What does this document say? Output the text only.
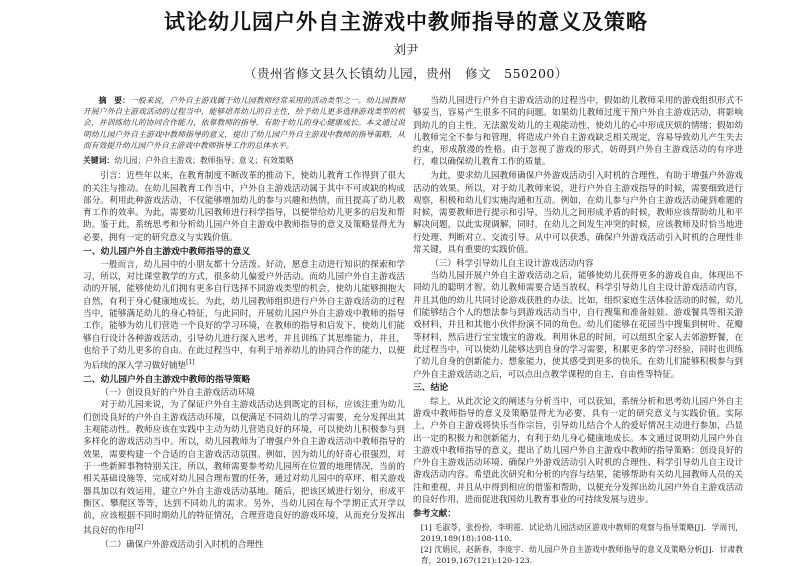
试论幼儿园户外自主游戏中教师指导的意义及策略
刘尹
（贵州省修文县久长镇幼儿园，贵州　修文　550200）

摘　要：一般来说，户外自主游戏属于幼儿园教师经常采用的活动类型之一。幼儿园教师开展户外自主游戏活动的过程当中，能够培养幼儿的自主性，给予幼儿更多选择游戏类型的机会，并训练幼儿的协同合作能力，依靠教师的指导，有助于幼儿的身心健康成长。本文通过说明幼儿园户外自主游戏中教师指导的意义，提出了幼儿园户外自主游戏中教师的指导策略，从而有效提升幼儿园户外自主游戏中教师指导工作的总体水平。

关键词：幼儿园；户外自主游戏；教师指导；意义；有效策略

引言：近些年以来，在教育制度不断改革的推动下，使幼儿教育工作得到了很大的关注与推动。在幼儿园教育工作当中，户外自主游戏活动属于其中不可或缺的构成部分。利用此种游戏活动，不仅能够增加幼儿的参与兴趣和热情，而且提高了幼儿教育工作的效率。为此，需要幼儿园教师进行科学指导，以便带给幼儿更多的启发和帮助。鉴于此，系统思考和分析幼儿园户外自主游戏中教师指导的意义及策略显得尤为必要，拥有一定的研究意义与实践价值。

一、幼儿园户外自主游戏中教师指导的意义

一般而言，幼儿园中的小朋友都十分活泼、好动，愿意主动进行知识的探索和学习，所以，对比课堂教学的方式，很多幼儿偏爱户外活动。而幼儿园户外自主游戏活动的开展，能够使幼儿们拥有更多自行选择不同游戏类型的机会，使幼儿能够拥抱大自然，有利于身心健康地成长。为此，幼儿园教师组织进行户外自主游戏活动的过程当中，能够满足幼儿的身心特征，与此同时，开展幼儿园户外自主游戏中教师的指导工作，能够为幼儿们营造一个良好的学习环境，在教师的指导和启发下，使幼儿们能够自行设计各种游戏活动，引导幼儿进行深入思考，并且训练了其思维能力，并且，也给予了幼儿更多的自由。在此过程当中，有利于培养幼儿的协同合作的能力，以便为后续的深入学习做好铺垫[1]

二、幼儿园户外自主游戏中教师的指导策略

（一）创设良好的户外自主游戏活动环境

对于幼儿园来说，为了保证户外自主游戏活动达到既定的目标，应该注重为幼儿们创设良好的户外自主游戏活动环境，以便满足不同幼儿的学习需要，充分发挥出其主观能动性。教师应该在实践中主动为幼儿营造良好的环境，可以使幼儿积极参与到多样化的游戏活动当中。所以，幼儿园教师为了增强户外自主游戏活动中教师指导的效果，需要构建一个合适的自主游戏活动氛围。例如，因为幼儿的好奇心很强烈，对于一些新鲜事物特别关注，所以，教师需要参考幼儿园所在位置的地理情况，当前的相关基础设施等，完成对幼儿园合理布置的任务，通过对幼儿园中的草坪、相关游戏器具加以有效运用，建立户外自主游戏活动基地。随后，把该区域进行划分，形成平衡区、攀爬区等等，达到不同幼儿的需求。另外，当幼儿园在每个学期正式开学以前，应该根据不同时期幼儿的特征情况，合理营造良好的游戏环境，从而充分发挥出其良好的作用[2]

（二）确保户外游戏活动引入时机的合理性

当幼儿园进行户外自主游戏活动的过程当中，假如幼儿教师采用的游戏组织形式不够妥当，容易产生很多不同的问题。如果幼儿教师过度干预户外自主游戏活动，将影响到幼儿的自主性，无法激发幼儿的主观能动性，使幼儿的心中形成厌烦的情绪；假如幼儿教师完全不参与和管理，将造成户外自主游戏缺乏相关规定，容易导致幼儿产生失去约束，形成散漫的性格。由于忽视了游戏的形式，妨碍到户外自主游戏活动的有序进行，难以确保幼儿教育工作的质量。

为此，要求幼儿园教师确保户外游戏活动引入时机的合理性，有助于增强户外游戏活动的效果。所以，对于幼儿教师来说，进行户外自主游戏指导的时候，需要细致进行观察，积极和幼儿们实施沟通和互动。例如，在幼儿参与户外自主游戏活动碰到难题的时候，需要教师进行提示和引导，当幼儿之间形成矛盾的时候，教师应该帮助幼儿和平解决问题，以此实现调解，同时，在幼儿之间发生冲突的时候，应该教师及时恰当地进行处理、判断对立、交流引导。从中可以获悉，确保户外游戏活动引入时机的合理性非常关键，具有重要的实践价值。

（三）科学引导幼儿自主设计游戏活动内容

当幼儿园开展户外自主游戏活动之后，能够使幼儿获得更多的游戏自由，体现出不同幼儿的聪明才智。幼儿教师需要合适当放权，科学引导幼儿自主设计游戏活动内容，并且其他的幼儿共同讨论游戏获胜的办法。比如，组织家庭生活体验活动的时候，幼儿们能够结合个人的想法参与到游戏活动当中，自行搜集和准备娃娃、游戏餐具等相关游戏材料，并且和其他小伙伴扮演不同的角色。幼儿们能够在花园当中搜集到树叶、花瓣等材料，然后进行宝宝饿宝的游戏。利用休息的时间，可以组织全家人去郊游野餐，在此过程当中，可以使幼儿能够达到自身的学习需要，积累更多的学习经验，同时也训练了幼儿自身的创新能力、想象能力，使其感受到更多的快乐。在幼儿们能够积极参与到户外自主游戏活动之后，可以点出点教学课程的自主、自由性等特征。

三、结论

综上，从此次论文的阐述与分析当中，可以获知，系统分析和思考幼儿园户外自主游戏中教师指导的意义及策略显得尤为必要，具有一定的研究意义与实践价值。实际上，户外自主游戏将快乐当作宗旨，引导幼儿结合个人的爱好情况主动进行参加，凸显出一定的积极力和创新能力，有利于幼儿身心健康地成长。本文通过说明幼儿园户外自主游戏中教师指导的意义，提出了幼儿园户外自主游戏中教师的指导策略：创设良好的户外自主游戏活动环境、确保户外游戏活动引入时机的合理性、科学引导幼儿自主设计游戏活动内容。希望此次研究和分析的内容与结果，能够帮助有关幼儿园教师人员的关注和重视，并且从中得到相应的借鉴和帮助，以便充分发挥出幼儿园户外自主游戏活动的良好作用，进而促进我国幼儿教育事业的可持续发展与进步。

参考文献：

[1] 毛淑苓，张扮扮，李明霓．试论幼儿园活动区游戏中教师的观察与指导策略[J]．学周刊，2019,189(18):108-110.

[2] 沈娟民，赵新春，李庞宇．幼儿园户外自主游戏中教师指导的意义及策略分析[J]．甘肃教育，2019,167(121):120-123.
